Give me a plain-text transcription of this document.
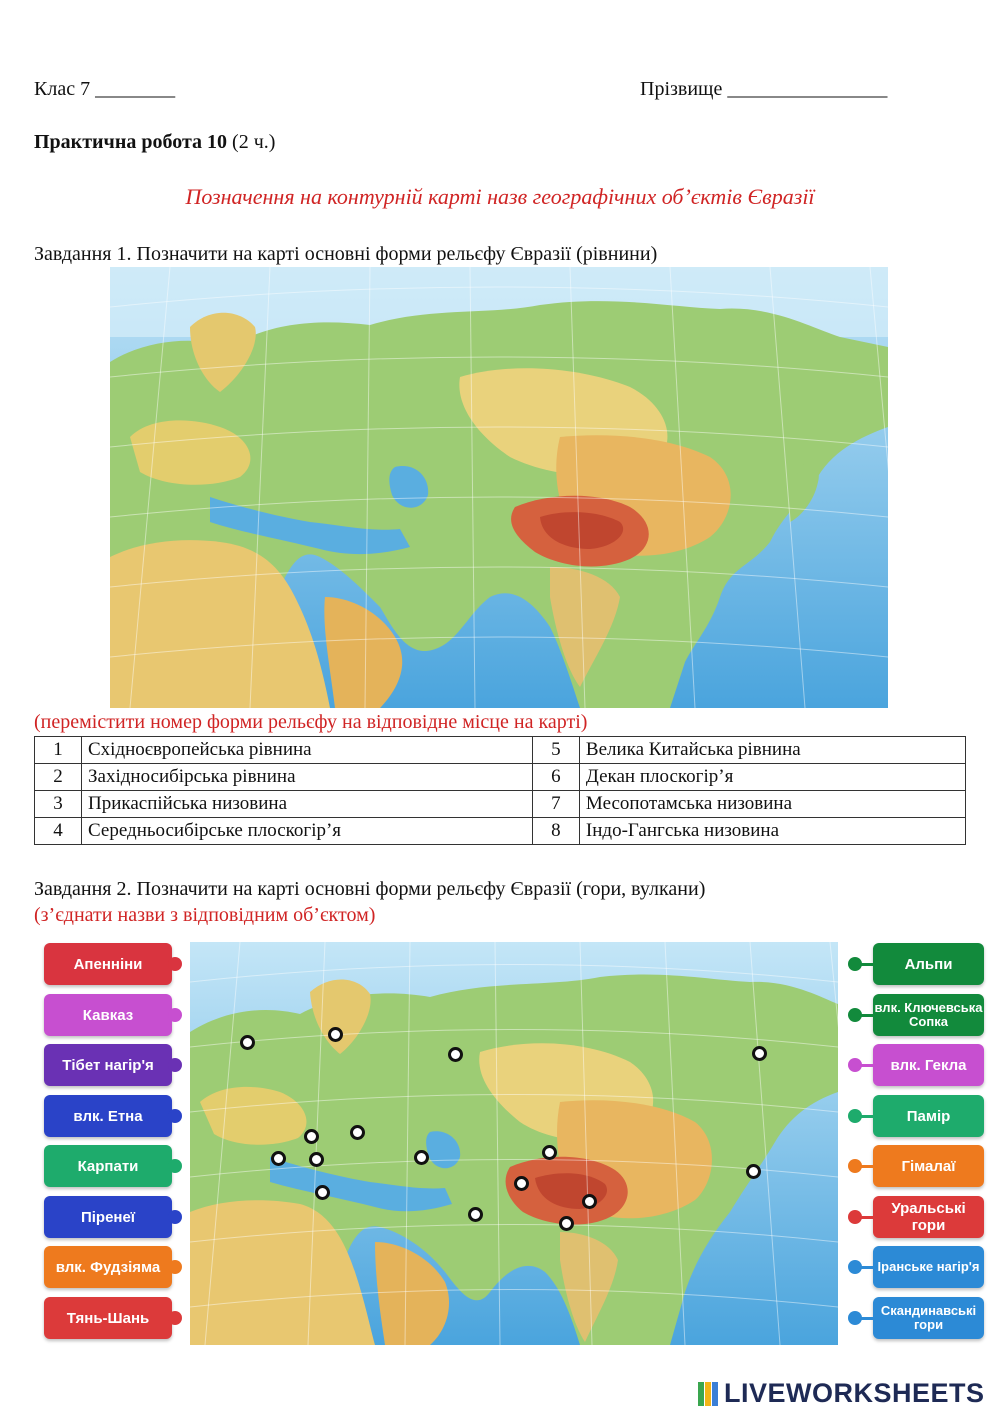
Клас 7 ________	Прізвище ________________
Практична робота 10 (2 ч.)
Позначення на контурній карті назв географічних об’єктів Євразії
Завдання 1. Позначити на карті основні форми рельєфу Євразії (рівнини)
(перемістити номер форми рельєфу на відповідне місце на карті)
1	Східноєвропейська рівнина	5	Велика Китайська рівнина
2	Західносибірська рівнина	6	Декан плоскогір’я
3	Прикаспійська низовина	7	Месопотамська низовина
4	Середньосибірське плоскогір’я	8	Індо-Гангська низовина
Завдання 2. Позначити на карті основні форми рельєфу Євразії (гори, вулкани)
(з’єднати назви з відповідним об’єктом)
Апенніни
Кавказ
Тібет нагір'я
влк. Етна
Карпати
Піренеї
влк. Фудзіяма
Тянь-Шань
Альпи
влк. Ключевська Сопка
влк. Гекла
Памір
Гімалаї
Уральські гори
Іранське нагір'я
Скандинавські гори
LIVEWORKSHEETS
